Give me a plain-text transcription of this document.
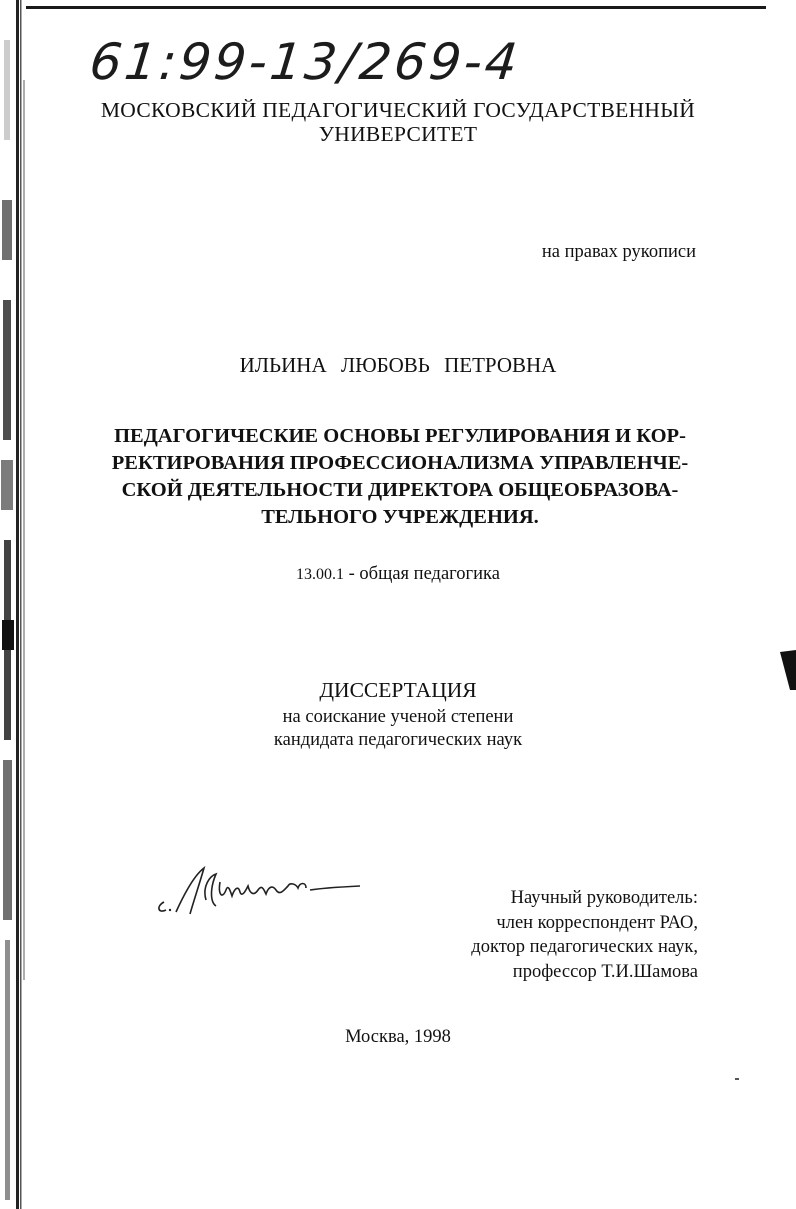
61:99-13/269-4
МОСКОВСКИЙ ПЕДАГОГИЧЕСКИЙ ГОСУДАРСТВЕННЫЙ
УНИВЕРСИТЕТ
на правах рукописи
ИЛЬИНА ЛЮБОВЬ ПЕТРОВНА
ПЕДАГОГИЧЕСКИЕ ОСНОВЫ РЕГУЛИРОВАНИЯ И КОР-
РЕКТИРОВАНИЯ ПРОФЕССИОНАЛИЗМА УПРАВЛЕНЧЕ-
СКОЙ ДЕЯТЕЛЬНОСТИ ДИРЕКТОРА ОБЩЕОБРАЗОВА-
ТЕЛЬНОГО УЧРЕЖДЕНИЯ.
13.00.1 - общая педагогика
ДИССЕРТАЦИЯ
на соискание ученой степени
кандидата педагогических наук
Научный руководитель:
член корреспондент РАО,
доктор педагогических наук,
профессор Т.И.Шамова
Москва, 1998
